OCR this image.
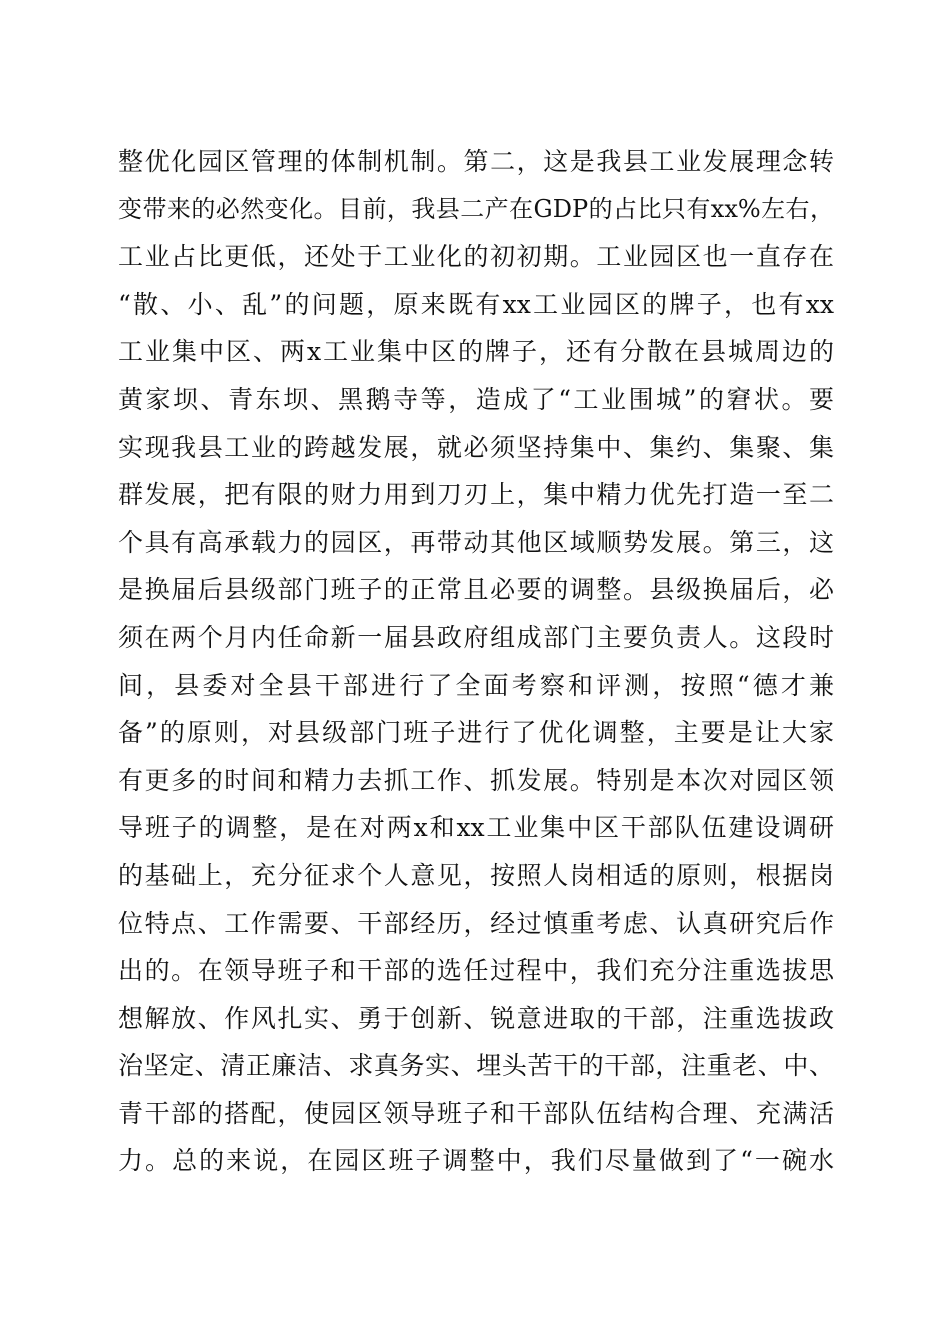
整优化园区管理的体制机制。第二，这是我县工业发展理念转
变带来的必然变化。目前，我县二产在GDP的占比只有xx%左右，
工业占比更低，还处于工业化的初初期。工业园区也一直存在
“散、小、乱”的问题，原来既有xx工业园区的牌子，也有xx
工业集中区、两x工业集中区的牌子，还有分散在县城周边的
黄家坝、青东坝、黑鹅寺等，造成了“工业围城”的窘状。要
实现我县工业的跨越发展，就必须坚持集中、集约、集聚、集
群发展，把有限的财力用到刀刃上，集中精力优先打造一至二
个具有高承载力的园区，再带动其他区域顺势发展。第三，这
是换届后县级部门班子的正常且必要的调整。县级换届后，必
须在两个月内任命新一届县政府组成部门主要负责人。这段时
间，县委对全县干部进行了全面考察和评测，按照“德才兼
备”的原则，对县级部门班子进行了优化调整，主要是让大家
有更多的时间和精力去抓工作、抓发展。特别是本次对园区领
导班子的调整，是在对两x和xx工业集中区干部队伍建设调研
的基础上，充分征求个人意见，按照人岗相适的原则，根据岗
位特点、工作需要、干部经历，经过慎重考虑、认真研究后作
出的。在领导班子和干部的选任过程中，我们充分注重选拔思
想解放、作风扎实、勇于创新、锐意进取的干部，注重选拔政
治坚定、清正廉洁、求真务实、埋头苦干的干部，注重老、中、
青干部的搭配，使园区领导班子和干部队伍结构合理、充满活
力。总的来说，在园区班子调整中，我们尽量做到了“一碗水
